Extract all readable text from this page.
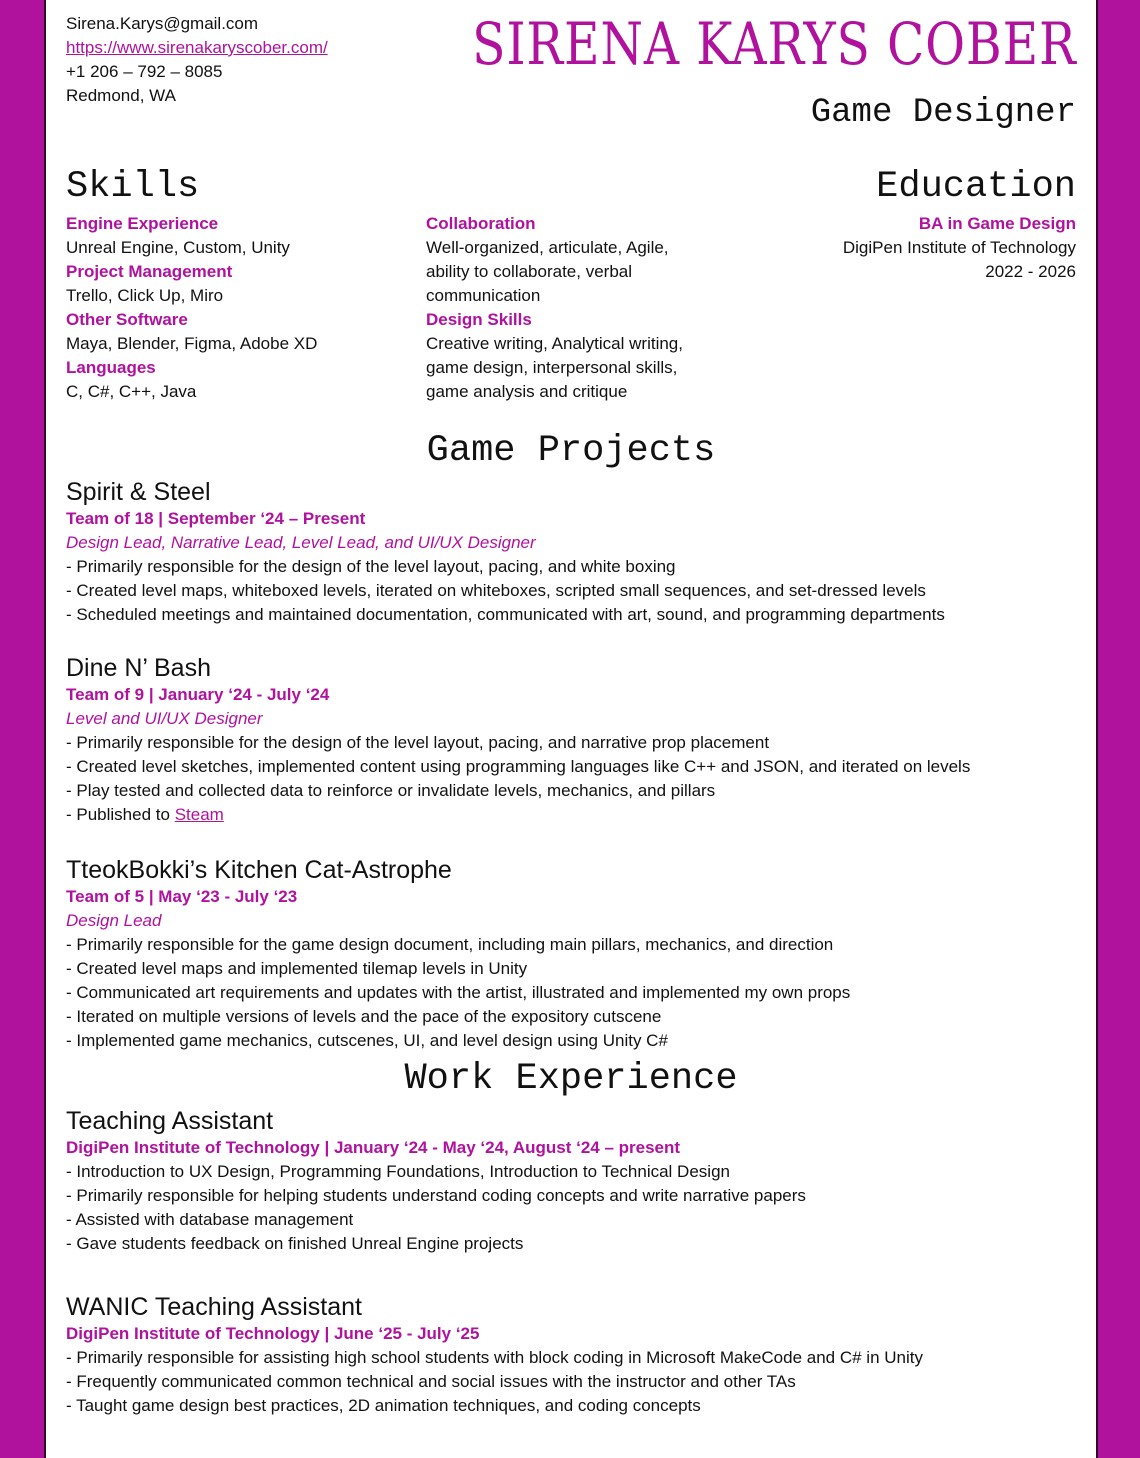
Sirena.Karys@gmail.com
https://www.sirenakaryscober.com/
+1 206 – 792 – 8085
Redmond, WA
SIRENA KARYS COBER
Game Designer
Skills	Education
Engine Experience
Unreal Engine, Custom, Unity
Project Management
Trello, Click Up, Miro
Other Software
Maya, Blender, Figma, Adobe XD
Languages
C, C#, C++, Java
Collaboration
Well-organized, articulate, Agile,
ability to collaborate, verbal
communication
Design Skills
Creative writing, Analytical writing,
game design, interpersonal skills,
game analysis and critique
BA in Game Design
DigiPen Institute of Technology
2022 - 2026
Game Projects
Spirit & Steel
Team of 18 | September ‘24 – Present
Design Lead, Narrative Lead, Level Lead, and UI/UX Designer
- Primarily responsible for the design of the level layout, pacing, and white boxing
- Created level maps, whiteboxed levels, iterated on whiteboxes, scripted small sequences, and set-dressed levels
- Scheduled meetings and maintained documentation, communicated with art, sound, and programming departments
Dine N’ Bash
Team of 9 | January ‘24 - July ‘24
Level and UI/UX Designer
- Primarily responsible for the design of the level layout, pacing, and narrative prop placement
- Created level sketches, implemented content using programming languages like C++ and JSON, and iterated on levels
- Play tested and collected data to reinforce or invalidate levels, mechanics, and pillars
- Published to Steam
TteokBokki’s Kitchen Cat-Astrophe
Team of 5 | May ‘23 - July ‘23
Design Lead
- Primarily responsible for the game design document, including main pillars, mechanics, and direction
- Created level maps and implemented tilemap levels in Unity
- Communicated art requirements and updates with the artist, illustrated and implemented my own props
- Iterated on multiple versions of levels and the pace of the expository cutscene
- Implemented game mechanics, cutscenes, UI, and level design using Unity C#
Work Experience
Teaching Assistant
DigiPen Institute of Technology | January ‘24 - May ‘24, August ‘24 – present
- Introduction to UX Design, Programming Foundations, Introduction to Technical Design
- Primarily responsible for helping students understand coding concepts and write narrative papers
- Assisted with database management
- Gave students feedback on finished Unreal Engine projects
WANIC Teaching Assistant
DigiPen Institute of Technology | June ‘25 - July ‘25
- Primarily responsible for assisting high school students with block coding in Microsoft MakeCode and C# in Unity
- Frequently communicated common technical and social issues with the instructor and other TAs
- Taught game design best practices, 2D animation techniques, and coding concepts
